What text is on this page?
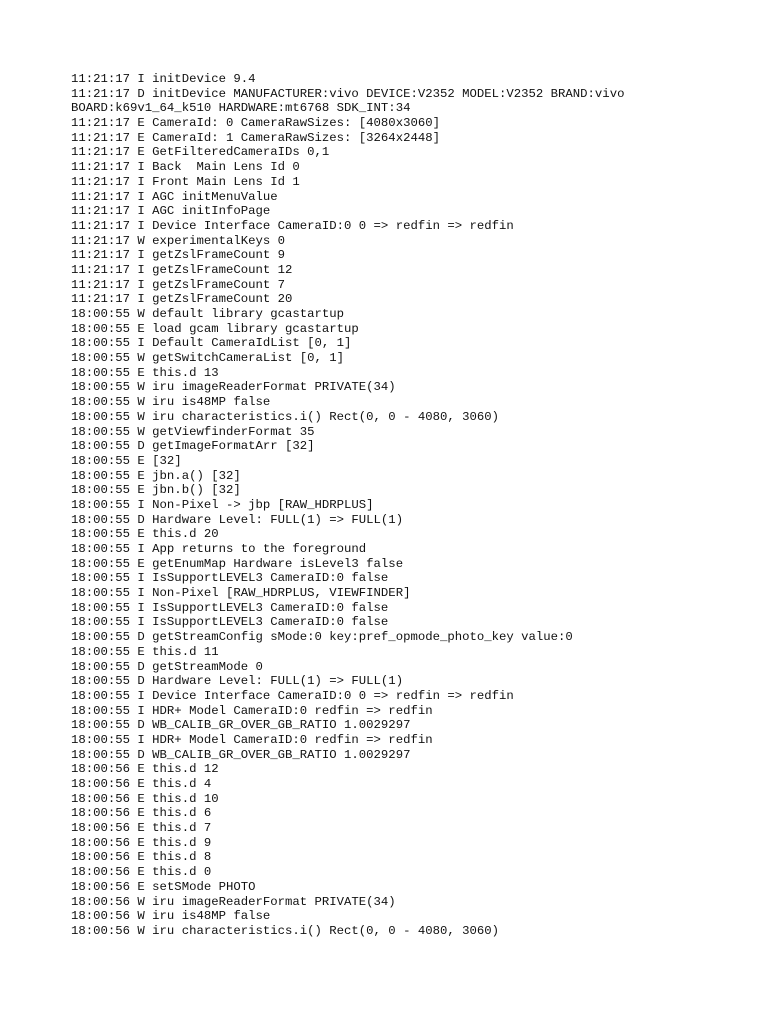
11:21:17 I initDevice 9.4
11:21:17 D initDevice MANUFACTURER:vivo DEVICE:V2352 MODEL:V2352 BRAND:vivo
BOARD:k69v1_64_k510 HARDWARE:mt6768 SDK_INT:34
11:21:17 E CameraId: 0 CameraRawSizes: [4080x3060]
11:21:17 E CameraId: 1 CameraRawSizes: [3264x2448]
11:21:17 E GetFilteredCameraIDs 0,1
11:21:17 I Back  Main Lens Id 0
11:21:17 I Front Main Lens Id 1
11:21:17 I AGC initMenuValue
11:21:17 I AGC initInfoPage
11:21:17 I Device Interface CameraID:0 0 => redfin => redfin
11:21:17 W experimentalKeys 0
11:21:17 I getZslFrameCount 9
11:21:17 I getZslFrameCount 12
11:21:17 I getZslFrameCount 7
11:21:17 I getZslFrameCount 20
18:00:55 W default library gcastartup
18:00:55 E load gcam library gcastartup
18:00:55 I Default CameraIdList [0, 1]
18:00:55 W getSwitchCameraList [0, 1]
18:00:55 E this.d 13
18:00:55 W iru imageReaderFormat PRIVATE(34)
18:00:55 W iru is48MP false
18:00:55 W iru characteristics.i() Rect(0, 0 - 4080, 3060)
18:00:55 W getViewfinderFormat 35
18:00:55 D getImageFormatArr [32]
18:00:55 E [32]
18:00:55 E jbn.a() [32]
18:00:55 E jbn.b() [32]
18:00:55 I Non-Pixel -> jbp [RAW_HDRPLUS]
18:00:55 D Hardware Level: FULL(1) => FULL(1)
18:00:55 E this.d 20
18:00:55 I App returns to the foreground
18:00:55 E getEnumMap Hardware isLevel3 false
18:00:55 I IsSupportLEVEL3 CameraID:0 false
18:00:55 I Non-Pixel [RAW_HDRPLUS, VIEWFINDER]
18:00:55 I IsSupportLEVEL3 CameraID:0 false
18:00:55 I IsSupportLEVEL3 CameraID:0 false
18:00:55 D getStreamConfig sMode:0 key:pref_opmode_photo_key value:0
18:00:55 E this.d 11
18:00:55 D getStreamMode 0
18:00:55 D Hardware Level: FULL(1) => FULL(1)
18:00:55 I Device Interface CameraID:0 0 => redfin => redfin
18:00:55 I HDR+ Model CameraID:0 redfin => redfin
18:00:55 D WB_CALIB_GR_OVER_GB_RATIO 1.0029297
18:00:55 I HDR+ Model CameraID:0 redfin => redfin
18:00:55 D WB_CALIB_GR_OVER_GB_RATIO 1.0029297
18:00:56 E this.d 12
18:00:56 E this.d 4
18:00:56 E this.d 10
18:00:56 E this.d 6
18:00:56 E this.d 7
18:00:56 E this.d 9
18:00:56 E this.d 8
18:00:56 E this.d 0
18:00:56 E setSMode PHOTO
18:00:56 W iru imageReaderFormat PRIVATE(34)
18:00:56 W iru is48MP false
18:00:56 W iru characteristics.i() Rect(0, 0 - 4080, 3060)
